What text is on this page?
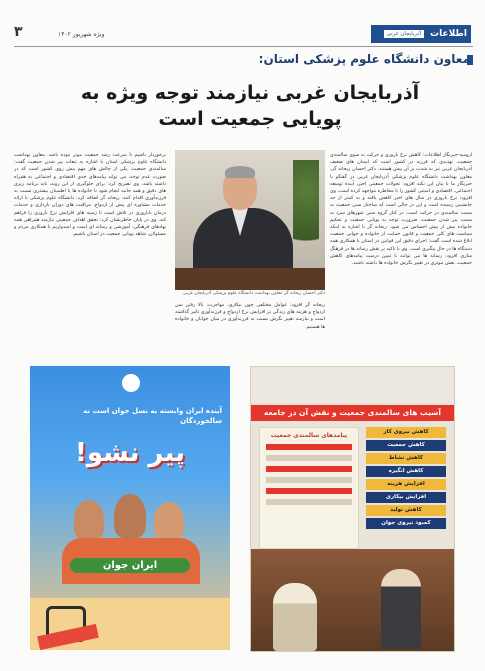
۳	ویژه شهریور ۱۴۰۲	آذربایجان غربی	اطلاعات
معاون دانشگاه علوم پزشکی استان:
آذربایجان غربی نیازمند توجه ویژه به پویایی جمعیت است
ارومیه-خبرنگار اطلاعات: کاهش نرخ باروری و حرکت به سوی سالمندی جمعیت، تهدیدی که فرزند در کشور است که استان های ضعیف آذربایجان غربی نیز به شدت بر آن پیش هستند. دکتر احسان ریحانه گر، معاون بهداشت دانشگاه علوم پزشکی آذربایجان غربی در گفتگو با خبرنگار ما با بیان این نکته افزود: تحولات جمعیتی اخیر، آینده توسعه اجتماعی، اقتصادی و امنیتی کشور را با مخاطره مواجهه کرده است. وی افزود: نرخ باروری در سال های اخیر کاهش یافته و به کمتر از حد جانشینی رسیده است و این در حالی است که ساختار سنی جمعیت به سمت سالمندی در حرکت است. در کنار گروه سنی شهرهای سرد به سمت پیر شدن جمعیت، ضرورت توجه به پویایی جمعیت و تحکیم خانواده بیش از پیش احساس می شود. ریحانه گر با اشاره به اینکه سیاست های کلی جمعیت و قانون حمایت از خانواده و جوانی جمعیت ابلاغ شده است گفت: اجرای دقیق این قوانین در استان با همکاری همه دستگاه ها در حال پیگیری است. وی با تاکید بر نقش رسانه ها در فرهنگ سازی افزود: رسانه ها می توانند با تبیین درست پیامدهای کاهش جمعیت، نقش موثری در تغییر نگرش خانواده ها داشته باشند.
دکتر احسان ریحانه گر معاون بهداشت دانشگاه علوم پزشکی آذربایجان غربی
ریحانه گر افزود: عوامل مختلفی چون بیکاری، مهاجرت، بالا رفتن سن ازدواج و هزینه های زندگی بر افزایش نرخ ازدواج و فرزندآوری تاثیر گذاشته است و نیازمند تغییر نگرش نسبت به فرزندآوری در میان جوانان و خانواده ها هستیم.
برخوردار باشیم تا سرعت رشد جمعیت موثر نبوده باشد. معاون بهداشت دانشگاه علوم پزشکی استان با اشاره به تبعات پیر شدن جمعیت گفت: سالمندی جمعیت، یکی از چالش های مهم پیش روی کشور است که در صورت عدم توجه، می تواند پیامدهای جدی اقتصادی و اجتماعی به همراه داشته باشد. وی تصریح کرد: برای جلوگیری از این روند، باید برنامه ریزی های دقیق و همه جانبه انجام شود تا خانواده ها با اطمینان بیشتری نسبت به فرزندآوری اقدام کنند. ریحانه گر اضافه کرد: دانشگاه علوم پزشکی با ارائه خدمات مشاوره ای پیش از ازدواج، مراقبت های دوران بارداری و خدمات درمان ناباروری در تلاش است تا زمینه های افزایش نرخ باروری را فراهم کند. وی در پایان خاطرنشان کرد: تحقق اهداف جمعیتی نیازمند همراهی همه نهادهای فرهنگی، آموزشی و رسانه ای است و امیدواریم با همکاری مردم و مسئولان، شاهد پویایی جمعیت در استان باشیم.
آینده ایران وابسته به نسل جوان است نه سالخوردگان
پیر نشو!
ایران جوان
آسیب های سالمندی جمعیت و نقش آن در جامعه
کاهش نیروی کار
کاهش جمعیت
کاهش نشاط
کاهش انگیزه
افزایش هزینه
افزایش بیکاری
کاهش تولید
کمبود نیروی جوان
پیامدهای سالمندی جمعیت
